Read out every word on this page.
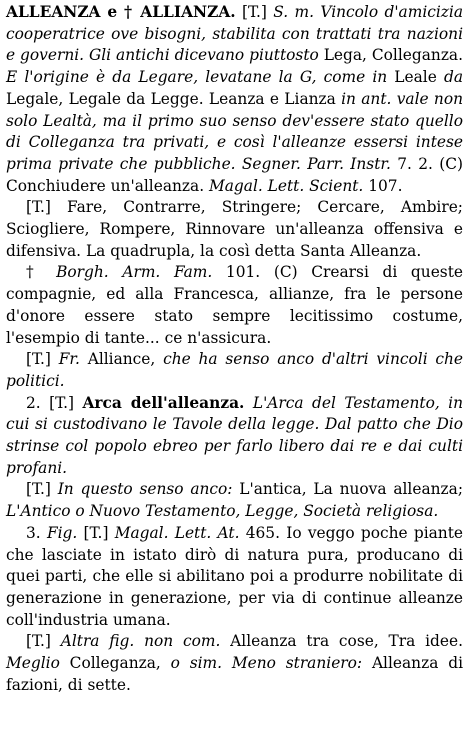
ALLEANZA e † ALLIANZA. [T.] S. m. Vincolo d'amicizia cooperatrice ove bisogni, stabilita con trattati tra nazioni e governi. Gli antichi dicevano piuttosto Lega, Colleganza. E l'origine è da Legare, levatane la G, come in Leale da Legale, Legale da Legge. Leanza e Lianza in ant. vale non solo Lealtà, ma il primo suo senso dev'essere stato quello di Colleganza tra privati, e così l'alleanze essersi intese prima private che pubbliche. Segner. Parr. Instr. 7. 2. (C) Conchiudere un'alleanza. Magal. Lett. Scient. 107.

[T.] Fare, Contrarre, Stringere; Cercare, Ambire; Sciogliere, Rompere, Rinnovare un'alleanza offensiva e difensiva. La quadrupla, la così detta Santa Alleanza.

† Borgh. Arm. Fam. 101. (C) Crearsi di queste compagnie, ed alla Francesca, allianze, fra le persone d'onore essere stato sempre lecitissimo costume, l'esempio di tante... ce n'assicura.

[T.] Fr. Alliance, che ha senso anco d'altri vincoli che politici.

2. [T.] Arca dell'alleanza. L'Arca del Testamento, in cui si custodivano le Tavole della legge. Dal patto che Dio strinse col popolo ebreo per farlo libero dai re e dai culti profani.

[T.] In questo senso anco: L'antica, La nuova alleanza; L'Antico o Nuovo Testamento, Legge, Società religiosa.

3. Fig. [T.] Magal. Lett. At. 465. Io veggo poche piante che lasciate in istato dirò di natura pura, producano di quei parti, che elle si abilitano poi a produrre nobilitate di generazione in generazione, per via di continue alleanze coll'industria umana.

[T.] Altra fig. non com. Alleanza tra cose, Tra idee. Meglio Colleganza, o sim. Meno straniero: Alleanza di fazioni, di sette.
